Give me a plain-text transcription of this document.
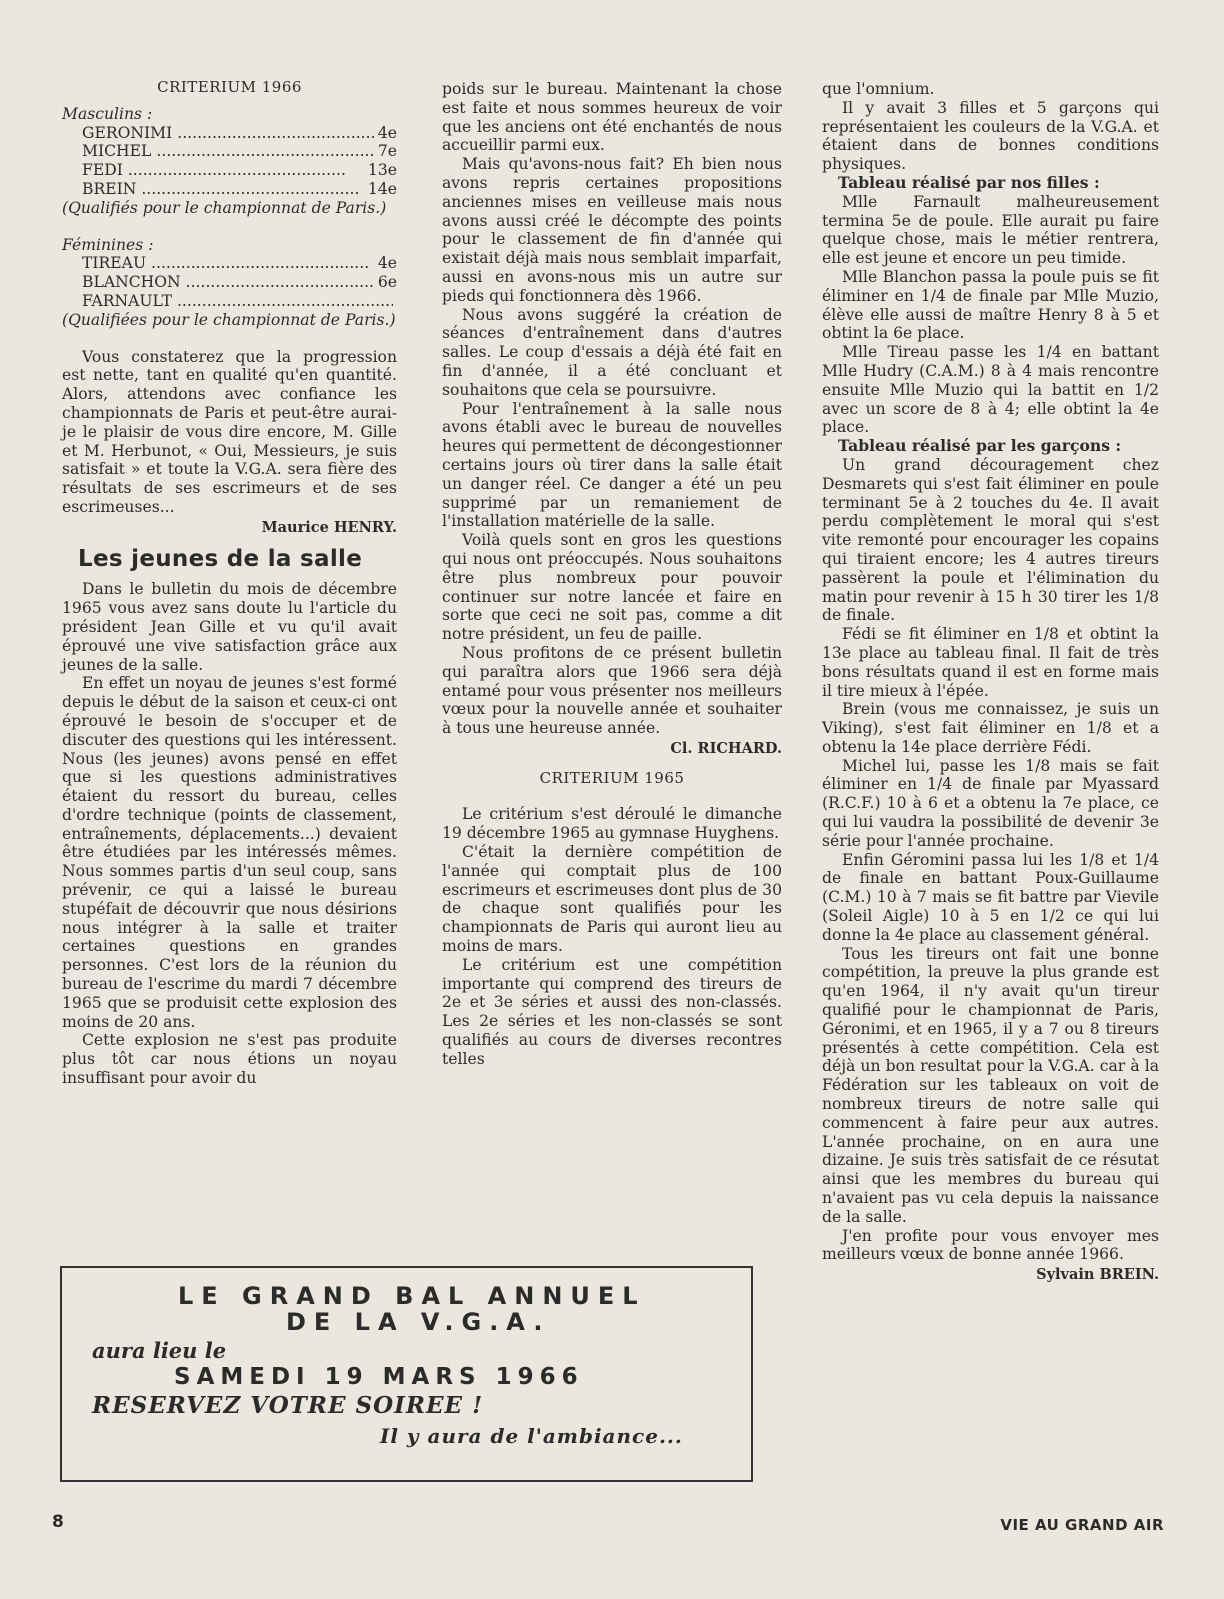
CRITERIUM 1966
Masculins :
GERONIMI .....	4e
MICHEL .....	7e
FEDI .....	13e
BREIN .....	14e
(Qualifiés pour le championnat de Paris.)
Féminines :
TIREAU .....	4e
BLANCHON .....	6e
FARNAULT .....
(Qualifiées pour le championnat de Paris.)

Vous constaterez que la progression est nette, tant en qualité qu'en quantité. Alors, attendons avec confiance les championnats de Paris et peut-être aurai-je le plaisir de vous dire encore, M. Gille et M. Herbunot, « Oui, Messieurs, je suis satisfait » et toute la V.G.A. sera fière des résultats de ses escrimeurs et de ses escrimeuses...

Maurice HENRY.
Les jeunes de la salle

Dans le bulletin du mois de décembre 1965 vous avez sans doute lu l'article du président Jean Gille et vu qu'il avait éprouvé une vive satisfaction grâce aux jeunes de la salle.

En effet un noyau de jeunes s'est formé depuis le début de la saison et ceux-ci ont éprouvé le besoin de s'occuper et de discuter des questions qui les intéressent. Nous (les jeunes) avons pensé en effet que si les questions administratives étaient du ressort du bureau, celles d'ordre technique (points de classement, entraînements, déplacements...) devaient être étudiées par les intéressés mêmes. Nous sommes partis d'un seul coup, sans prévenir, ce qui a laissé le bureau stupéfait de découvrir que nous désirions nous intégrer à la salle et traiter certaines questions en grandes personnes. C'est lors de la réunion du bureau de l'escrime du mardi 7 décembre 1965 que se produisit cette explosion des moins de 20 ans.

Cette explosion ne s'est pas produite plus tôt car nous étions un noyau insuffisant pour avoir du

poids sur le bureau. Maintenant la chose est faite et nous sommes heureux de voir que les anciens ont été enchantés de nous accueillir parmi eux.

Mais qu'avons-nous fait? Eh bien nous avons repris certaines propositions anciennes mises en veilleuse mais nous avons aussi créé le décompte des points pour le classement de fin d'année qui existait déjà mais nous semblait imparfait, aussi en avons-nous mis un autre sur pieds qui fonctionnera dès 1966.

Nous avons suggéré la création de séances d'entraînement dans d'autres salles. Le coup d'essais a déjà été fait en fin d'année, il a été concluant et souhaitons que cela se poursuivre.

Pour l'entraînement à la salle nous avons établi avec le bureau de nouvelles heures qui permettent de décongestionner certains jours où tirer dans la salle était un danger réel. Ce danger a été un peu supprimé par un remaniement de l'installation matérielle de la salle.

Voilà quels sont en gros les questions qui nous ont préoccupés. Nous souhaitons être plus nombreux pour pouvoir continuer sur notre lancée et faire en sorte que ceci ne soit pas, comme a dit notre président, un feu de paille.

Nous profitons de ce présent bulletin qui paraîtra alors que 1966 sera déjà entamé pour vous présenter nos meilleurs vœux pour la nouvelle année et souhaiter à tous une heureuse année.

Cl. RICHARD.
CRITERIUM 1965

Le critérium s'est déroulé le dimanche 19 décembre 1965 au gymnase Huyghens.

C'était la dernière compétition de l'année qui comptait plus de 100 escrimeurs et escrimeuses dont plus de 30 de chaque sont qualifiés pour les championnats de Paris qui auront lieu au moins de mars.

Le critérium est une compétition importante qui comprend des tireurs de 2e et 3e séries et aussi des non-classés. Les 2e séries et les non-classés se sont qualifiés au cours de diverses recontres telles

que l'omnium.

Il y avait 3 filles et 5 garçons qui représentaient les couleurs de la V.G.A. et étaient dans de bonnes conditions physiques.

Tableau réalisé par nos filles :

Mlle Farnault malheureusement termina 5e de poule. Elle aurait pu faire quelque chose, mais le métier rentrera, elle est jeune et encore un peu timide.

Mlle Blanchon passa la poule puis se fit éliminer en 1/4 de finale par Mlle Muzio, élève elle aussi de maître Henry 8 à 5 et obtint la 6e place.

Mlle Tireau passe les 1/4 en battant Mlle Hudry (C.A.M.) 8 à 4 mais rencontre ensuite Mlle Muzio qui la battit en 1/2 avec un score de 8 à 4; elle obtint la 4e place.

Tableau réalisé par les garçons :

Un grand découragement chez Desmarets qui s'est fait éliminer en poule terminant 5e à 2 touches du 4e. Il avait perdu complètement le moral qui s'est vite remonté pour encourager les copains qui tiraient encore; les 4 autres tireurs passèrent la poule et l'élimination du matin pour revenir à 15 h 30 tirer les 1/8 de finale.

Fédi se fit éliminer en 1/8 et obtint la 13e place au tableau final. Il fait de très bons résultats quand il est en forme mais il tire mieux à l'épée.

Brein (vous me connaissez, je suis un Viking), s'est fait éliminer en 1/8 et a obtenu la 14e place derrière Fédi.

Michel lui, passe les 1/8 mais se fait éliminer en 1/4 de finale par Myassard (R.C.F.) 10 à 6 et a obtenu la 7e place, ce qui lui vaudra la possibilité de devenir 3e série pour l'année prochaine.

Enfin Géromini passa lui les 1/8 et 1/4 de finale en battant Poux-Guillaume (C.M.) 10 à 7 mais se fit battre par Vievile (Soleil Aigle) 10 à 5 en 1/2 ce qui lui donne la 4e place au classement général.

Tous les tireurs ont fait une bonne compétition, la preuve la plus grande est qu'en 1964, il n'y avait qu'un tireur qualifié pour le championnat de Paris, Géronimi, et en 1965, il y a 7 ou 8 tireurs présentés à cette compétition. Cela est déjà un bon resultat pour la V.G.A. car à la Fédération sur les tableaux on voit de nombreux tireurs de notre salle qui commencent à faire peur aux autres. L'année prochaine, on en aura une dizaine. Je suis très satisfait de ce résutat ainsi que les membres du bureau qui n'avaient pas vu cela depuis la naissance de la salle.

J'en profite pour vous envoyer mes meilleurs vœux de bonne année 1966.

Sylvain BREIN.
LE GRAND BAL ANNUEL
DE LA V.G.A.
aura lieu le
SAMEDI 19 MARS 1966
RESERVEZ VOTRE SOIREE !
Il y aura de l'ambiance...
8	VIE AU GRAND AIR
